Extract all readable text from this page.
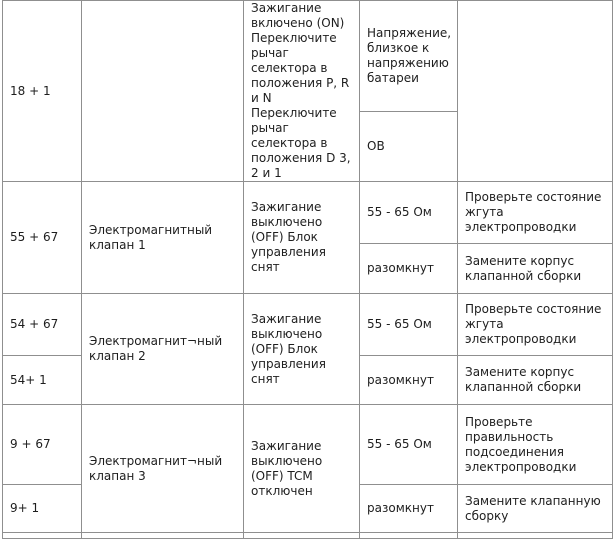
18 + 1		Зажигание включено (ON) Переключите рычаг селектора в положения P, R и N Переключите рычаг селектора в положения D 3, 2 и 1	Напряжение, близкое к напряжению батареи	
			ОВ	
55 + 67	Электромагнитный клапан 1	Зажигание выключено (OFF) Блок управления снят	55 - 65 Ом	Проверьте состояние жгута электропроводки
			разомкнут	Замените корпус клапанной сборки
54 + 67	Электромагнит¬ный клапан 2	Зажигание выключено (OFF) Блок управления снят	55 - 65 Ом	Проверьте состояние жгута электропроводки
54+ 1			разомкнут	Замените корпус клапанной сборки
9 + 67	Электромагнит¬ный клапан 3	Зажигание выключено (OFF) TCM отключен	55 - 65 Ом	Проверьте правильность подсоединения электропроводки
9+ 1			разомкнут	Замените клапанную сборку
